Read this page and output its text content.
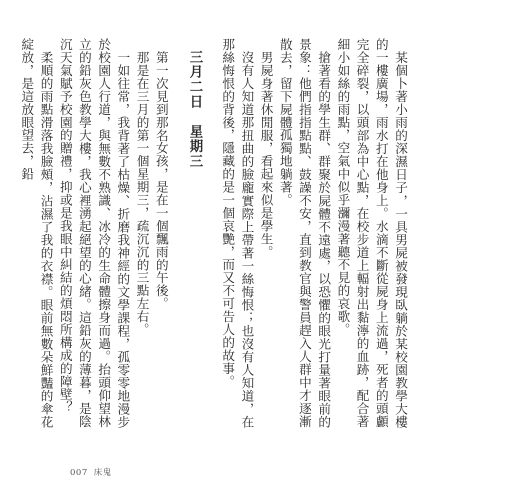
某個卜著小雨的深濕日子，一具男屍被發現臥躺於某校園教學大樓的一樓廣場，雨水打在他身上。水滴不斷從屍身上流過，死者的頭顱完全碎裂，以頭部為中心點，在校步道上輻射出黏濘的血跡，配合著細小如絲的雨點，空氣中似乎瀰漫著聽不見的哀歌。

搶著看的學生群、群聚於屍體不遠處，以恐懼的眼光打量著眼前的景象：他們指指點點、鼓譟不安，直到教官與警員趕入人群中才逐漸散去，留下屍體孤獨地躺著。

男屍身著休閒服，看起來似是學生。

沒有人知道那扭曲的臉龐實際上帶著一絲悔恨；也沒有人知道，在那絲悔恨的背後，隱藏的是一個哀艷，而又不可告人的故事。

三月二日　星期三

第一次見到那名女孩，是在一個飄雨的午後。

那是在三月的第一個星期三，疏沉沉的三點左右。

一如往常，我背著了枯燥、折磨我神經的文學課程，孤零零地漫步於校園人行道，與無數不熟識、冰冷的生命體擦身而過。抬頭仰望林立的鉛灰色教學大樓，我心裡湧起絕望的心緒。這鉛灰的薄暮，是陰沉天氣賦予校園的贈禮，抑或是我眼中糾結的煩悶所構成的障壁？

柔順的雨點滑落我臉頰，沾濕了我的衣襟。眼前無數朵鮮豔的傘花綻放，是這放眼望去，鉛

007 床鬼
